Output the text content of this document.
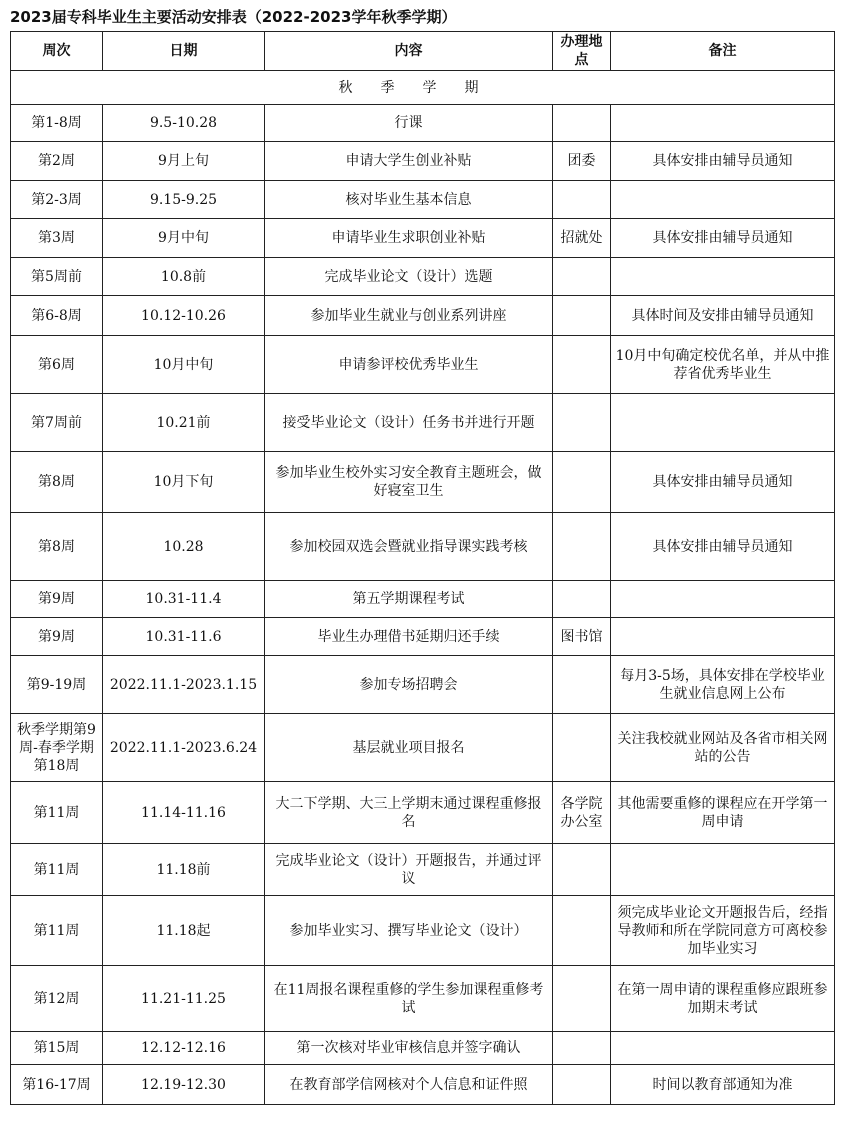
2023届专科毕业生主要活动安排表（2022-2023学年秋季学期）
周次	日期	内容	办理地点	备注
秋季学期				
第1-8周	9.5-10.28	行课		
第2周	9月上旬	申请大学生创业补贴	团委	具体安排由辅导员通知
第2-3周	9.15-9.25	核对毕业生基本信息		
第3周	9月中旬	申请毕业生求职创业补贴	招就处	具体安排由辅导员通知
第5周前	10.8前	完成毕业论文（设计）选题		
第6-8周	10.12-10.26	参加毕业生就业与创业系列讲座		具体时间及安排由辅导员通知
第6周	10月中旬	申请参评校优秀毕业生		10月中旬确定校优名单，并从中推荐省优秀毕业生
第7周前	10.21前	接受毕业论文（设计）任务书并进行开题		
第8周	10月下旬	参加毕业生校外实习安全教育主题班会，做好寝室卫生		具体安排由辅导员通知
第8周	10.28	参加校园双选会暨就业指导课实践考核		具体安排由辅导员通知
第9周	10.31-11.4	第五学期课程考试		
第9周	10.31-11.6	毕业生办理借书延期归还手续	图书馆	
第9-19周	2022.11.1-2023.1.15	参加专场招聘会		每月3-5场，具体安排在学校毕业生就业信息网上公布
秋季学期第9周-春季学期第18周	2022.11.1-2023.6.24	基层就业项目报名		关注我校就业网站及各省市相关网站的公告
第11周	11.14-11.16	大二下学期、大三上学期末通过课程重修报名	各学院办公室	其他需要重修的课程应在开学第一周申请
第11周	11.18前	完成毕业论文（设计）开题报告，并通过评议		
第11周	11.18起	参加毕业实习、撰写毕业论文（设计）		须完成毕业论文开题报告后，经指导教师和所在学院同意方可离校参加毕业实习
第12周	11.21-11.25	在11周报名课程重修的学生参加课程重修考试		在第一周申请的课程重修应跟班参加期末考试
第15周	12.12-12.16	第一次核对毕业审核信息并签字确认		
第16-17周	12.19-12.30	在教育部学信网核对个人信息和证件照		时间以教育部通知为准
